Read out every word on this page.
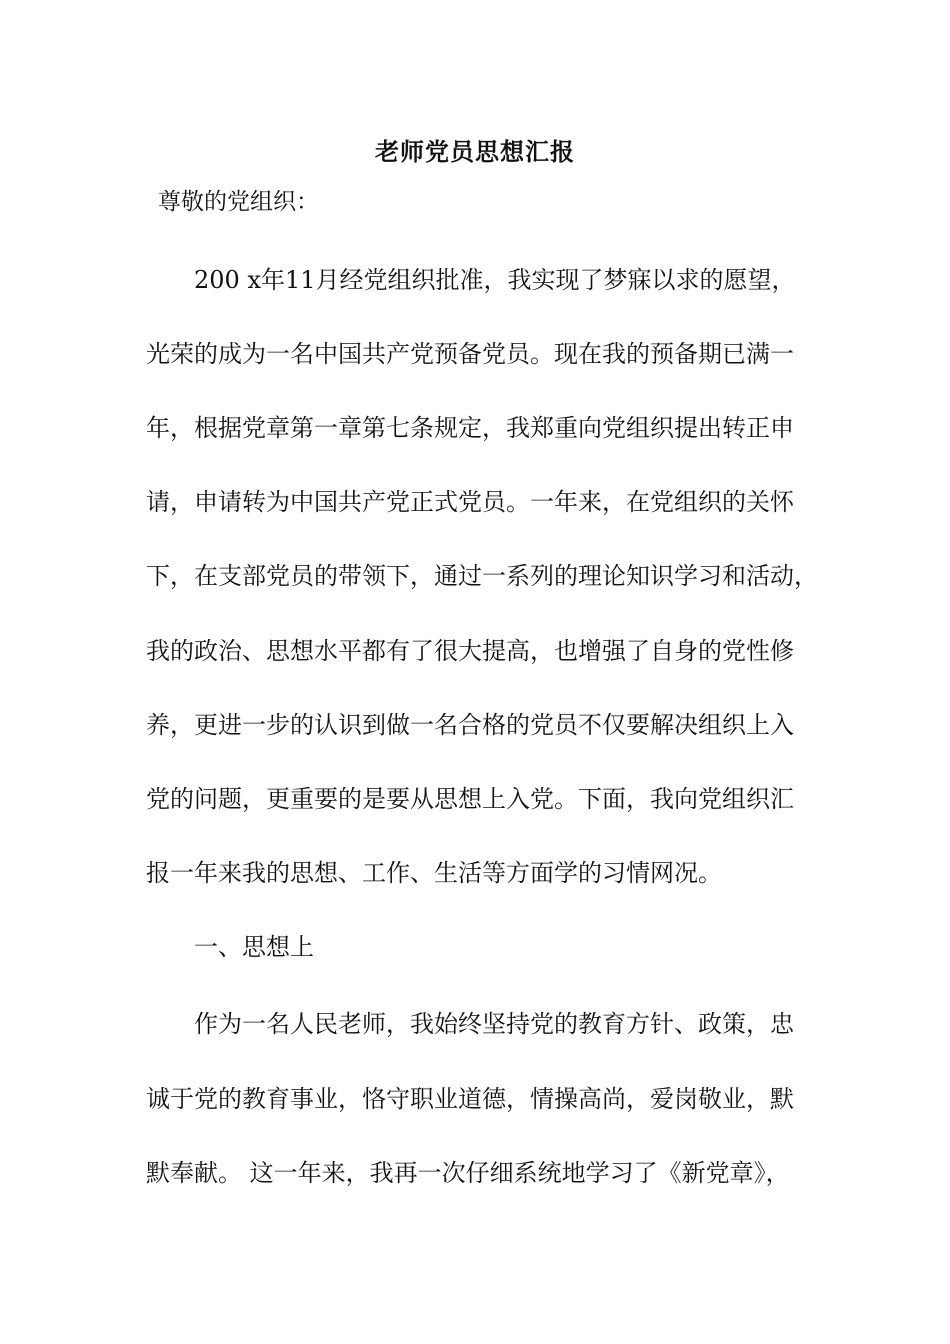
老师党员思想汇报

尊敬的党组织：

200 x年11月经党组织批准，我实现了梦寐以求的愿望，

光荣的成为一名中国共产党预备党员。现在我的预备期已满一

年，根据党章第一章第七条规定，我郑重向党组织提出转正申

请，申请转为中国共产党正式党员。一年来，在党组织的关怀

下，在支部党员的带领下，通过一系列的理论知识学习和活动，

我的政治、思想水平都有了很大提高，也增强了自身的党性修

养，更进一步的认识到做一名合格的党员不仅要解决组织上入

党的问题，更重要的是要从思想上入党。下面，我向党组织汇

报一年来我的思想、工作、生活等方面学的习情网况。

一、思想上

作为一名人民老师，我始终坚持党的教育方针、政策，忠

诚于党的教育事业，恪守职业道德，情操高尚，爱岗敬业，默

默奉献。 这一年来，我再一次仔细系统地学习了《新党章》，
